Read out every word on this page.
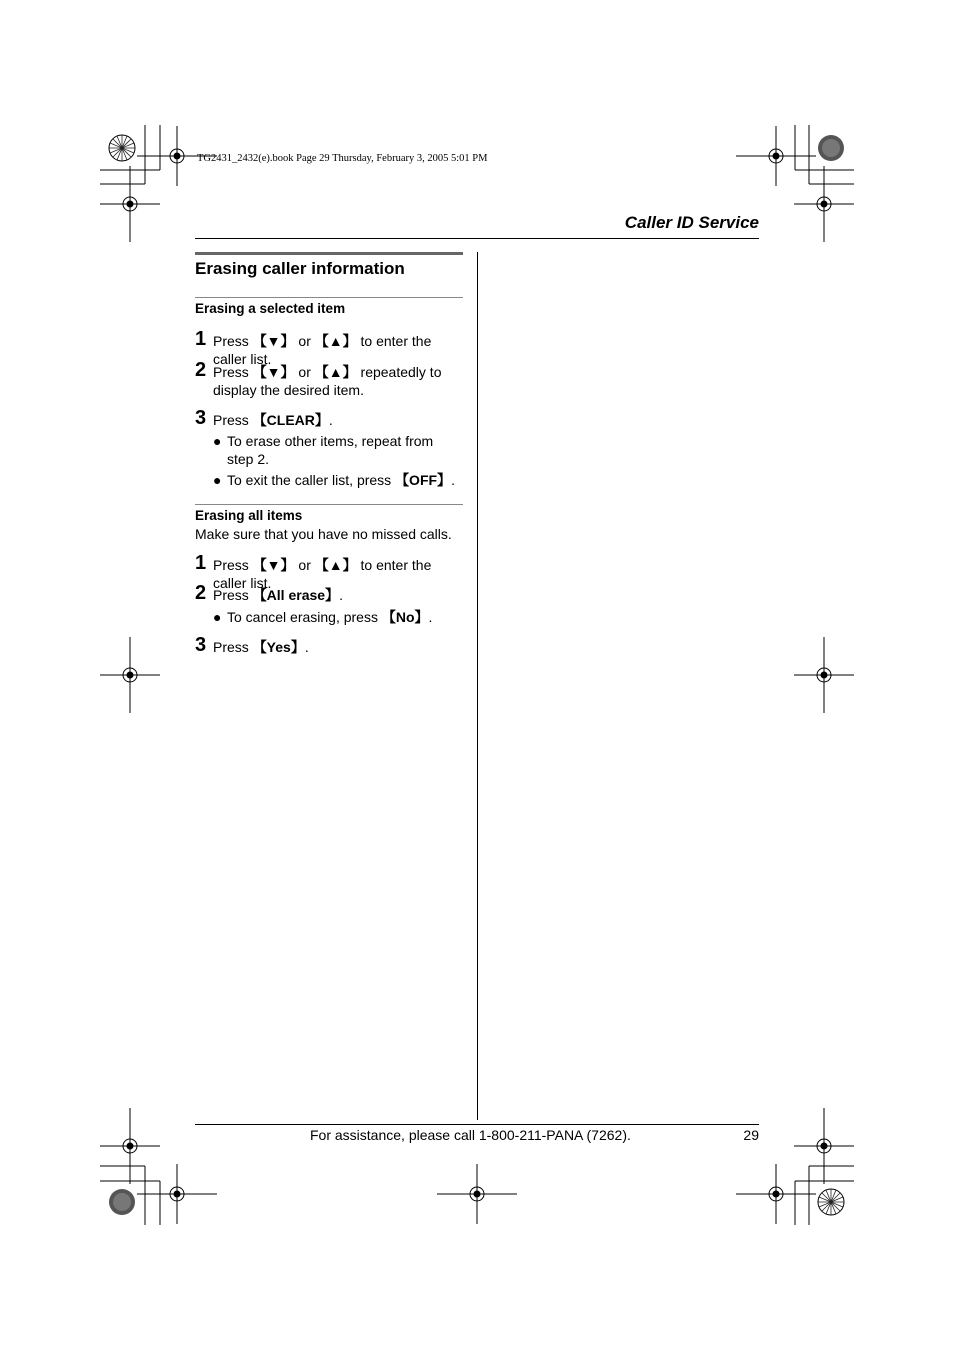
TG2431_2432(e).book Page 29 Thursday, February 3, 2005 5:01 PM
Caller ID Service
Erasing caller information
Erasing a selected item
1 Press 【▼】 or 【▲】 to enter the caller list.
2 Press 【▼】 or 【▲】 repeatedly to display the desired item.
3 Press 【CLEAR】.
● To erase other items, repeat from step 2.
● To exit the caller list, press 【OFF】.
Erasing all items
Make sure that you have no missed calls.
1 Press 【▼】 or 【▲】 to enter the caller list.
2 Press 【All erase】.
● To cancel erasing, press 【No】.
3 Press 【Yes】.
For assistance, please call 1-800-211-PANA (7262).	29
